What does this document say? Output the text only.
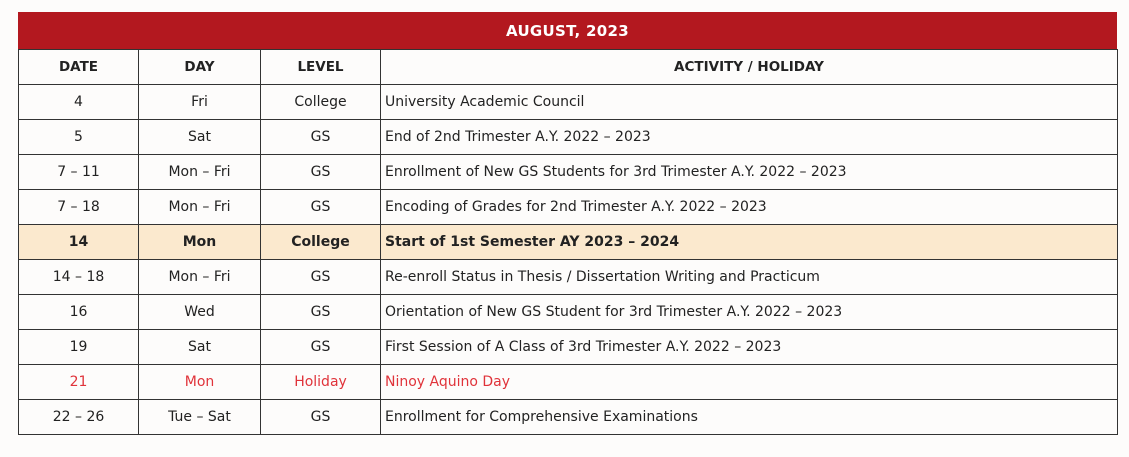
AUGUST, 2023
DATE	DAY	LEVEL	ACTIVITY / HOLIDAY
4	Fri	College	University Academic Council
5	Sat	GS	End of 2nd Trimester A.Y. 2022 – 2023
7 – 11	Mon – Fri	GS	Enrollment of New GS Students for 3rd Trimester A.Y. 2022 – 2023
7 – 18	Mon – Fri	GS	Encoding of Grades for 2nd Trimester A.Y. 2022 – 2023
14	Mon	College	Start of 1st Semester AY 2023 – 2024
14 – 18	Mon – Fri	GS	Re-enroll Status in Thesis / Dissertation Writing and Practicum
16	Wed	GS	Orientation of New GS Student for 3rd Trimester A.Y. 2022 – 2023
19	Sat	GS	First Session of A Class of 3rd Trimester A.Y. 2022 – 2023
21	Mon	Holiday	Ninoy Aquino Day
22 – 26	Tue – Sat	GS	Enrollment for Comprehensive Examinations
